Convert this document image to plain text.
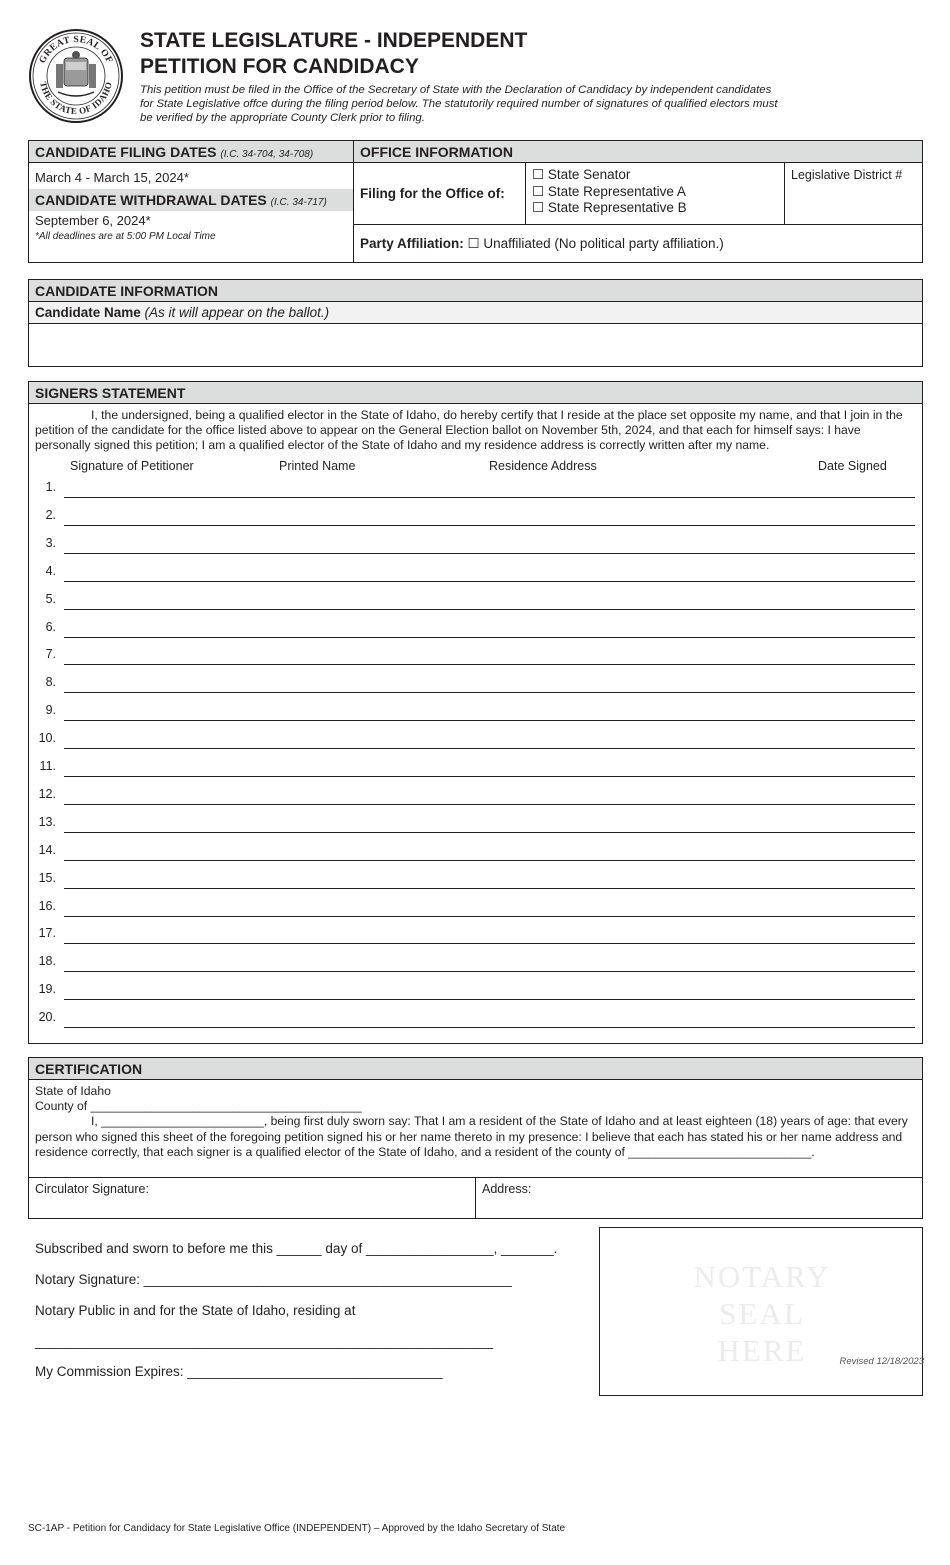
GREAT SEAL OF
THE STATE OF IDAHO
STATE LEGISLATURE - INDEPENDENT
PETITION FOR CANDIDACY
This petition must be filed in the Office of the Secretary of State with the Declaration of Candidacy by independent candidates for State Legislative offce during the filing period below. The statutorily required number of signatures of qualified electors must be verified by the appropriate County Clerk prior to filing.
CANDIDATE FILING DATES (I.C. 34-704, 34-708)
March 4 - March 15, 2024*
CANDIDATE WITHDRAWAL DATES (I.C. 34-717)
September 6, 2024*
*All deadlines are at 5:00 PM Local Time
OFFICE INFORMATION
Filing for the Office of:
☐ State Senator
☐ State Representative A
☐ State Representative B
Legislative District #
Party Affiliation: ☐ Unaffiliated (No political party affiliation.)
CANDIDATE INFORMATION
Candidate Name (As it will appear on the ballot.)
SIGNERS STATEMENT
I, the undersigned, being a qualified elector in the State of Idaho, do hereby certify that I reside at the place set opposite my name, and that I join in the petition of the candidate for the office listed above to appear on the General Election ballot on November 5th, 2024, and that each for himself says: I have personally signed this petition; I am a qualified elector of the State of Idaho and my residence address is correctly written after my name.
Signature of Petitioner	Printed Name	Residence Address	Date Signed
1.
2.
3.
4.
5.
6.
7.
8.
9.
10.
11.
12.
13.
14.
15.
16.
17.
18.
19.
20.
CERTIFICATION
State of Idaho
County of ________________________________________
I, ________________________, being first duly sworn say: That I am a resident of the State of Idaho and at least eighteen (18) years of age: that every person who signed this sheet of the foregoing petition signed his or her name thereto in my presence: I believe that each has stated his or her name address and residence correctly, that each signer is a qualified elector of the State of Idaho, and a resident of the county of ___________________________.
Circulator Signature:	Address:
Subscribed and sworn to before me this ______ day of _________________, _______.
Notary Signature: _________________________________________________
Notary Public in and for the State of Idaho, residing at
_____________________________________________________________
My Commission Expires: __________________________________
NOTARY
SEAL
HERE	Revised 12/18/2023
SC-1AP - Petition for Candidacy for State Legislative Office (INDEPENDENT) – Approved by the Idaho Secretary of State
